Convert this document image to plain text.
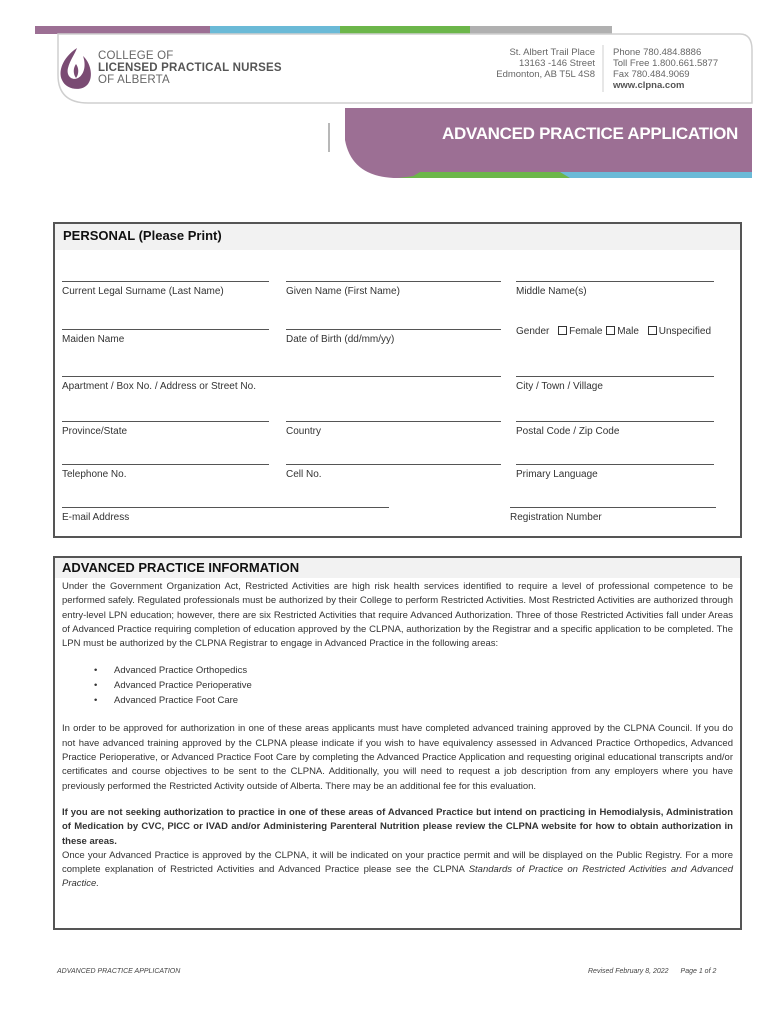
COLLEGE OF
LICENSED PRACTICAL NURSES
OF ALBERTA
St. Albert Trail Place
13163 -146 Street
Edmonton, AB T5L 4S8
Phone 780.484.8886
Toll Free 1.800.661.5877
Fax 780.484.9069
www.clpna.com
ADVANCED PRACTICE APPLICATION
PERSONAL (Please Print)
Current Legal Surname (Last Name)	Given Name (First Name)	Middle Name(s)
Maiden Name	Date of Birth (dd/mm/yy)
Gender Female Male Unspecified
Apartment / Box No. / Address or Street No.	City / Town / Village
Province/State	Country	Postal Code / Zip Code
Telephone No.	Cell No.	Primary Language
E-mail Address	Registration Number
ADVANCED PRACTICE INFORMATION

Under the Government Organization Act, Restricted Activities are high risk health services identified to require a level of professional competence to be performed safely. Regulated professionals must be authorized by their College to perform Restricted Activities. Most Restricted Activities are authorized through entry-level LPN education; however, there are six Restricted Activities that require Advanced Authorization. Three of those Restricted Activities fall under Areas of Advanced Practice requiring completion of education approved by the CLPNA, authorization by the Registrar and a specific application to be completed. The LPN must be authorized by the CLPNA Registrar to engage in Advanced Practice in the following areas:

• Advanced Practice Orthopedics
• Advanced Practice Perioperative
• Advanced Practice Foot Care

In order to be approved for authorization in one of these areas applicants must have completed advanced training approved by the CLPNA Council. If you do not have advanced training approved by the CLPNA please indicate if you wish to have equivalency assessed in Advanced Practice Orthopedics, Advanced Practice Perioperative, or Advanced Practice Foot Care by completing the Advanced Practice Application and requesting original educational transcripts and/or certificates and course objectives to be sent to the CLPNA. Additionally, you will need to request a job description from any employers where you have previously performed the Restricted Activity outside of Alberta. There may be an additional fee for this evaluation.

If you are not seeking authorization to practice in one of these areas of Advanced Practice but intend on practicing in Hemodialysis, Administration of Medication by CVC, PICC or IVAD and/or Administering Parenteral Nutrition please review the CLPNA website for how to obtain authorization in these areas.

Once your Advanced Practice is approved by the CLPNA, it will be indicated on your practice permit and will be displayed on the Public Registry. For a more complete explanation of Restricted Activities and Advanced Practice please see the CLPNA Standards of Practice on Restricted Activities and Advanced Practice.

ADVANCED PRACTICE APPLICATION	Revised February 8, 2022 Page 1 of 2
